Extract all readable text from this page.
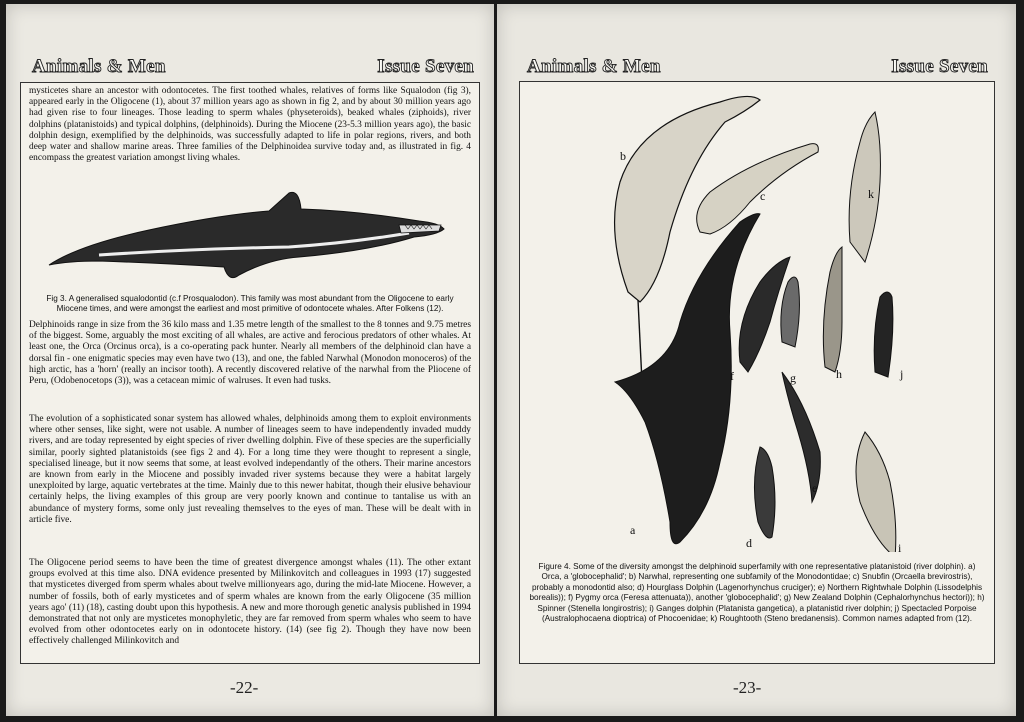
Animals & Men	Issue Seven

mysticetes share an ancestor with odontocetes. The first toothed whales, relatives of forms like Squalodon (fig 3), appeared early in the Oligocene (1), about 37 million years ago as shown in fig 2, and by about 30 million years ago had given rise to four lineages. Those leading to sperm whales (physeteroids), beaked whales (ziphoids), river dolphins (platanistoids) and typical dolphins, (delphinoids). During the Miocene (23-5.3 million years ago), the basic dolphin design, exemplified by the delphinoids, was successfully adapted to life in polar regions, rivers, and both deep water and shallow marine areas. Three families of the Delphinoidea survive today and, as illustrated in fig. 4 encompass the greatest variation amongst living whales.

Fig 3. A generalised squalodontid (c.f Prosqualodon). This family was most abundant from the Oligocene to early Miocene times, and were amongst the earliest and most primitive of odontocete whales. After Folkens (12).

Delphinoids range in size from the 36 kilo mass and 1.35 metre length of the smallest to the 8 tonnes and 9.75 metres of the biggest. Some, arguably the most exciting of all whales, are active and ferocious predators of other whales. At least one, the Orca (Orcinus orca), is a co-operating pack hunter. Nearly all members of the delphinoid clan have a dorsal fin - one enigmatic species may even have two (13), and one, the fabled Narwhal (Monodon monoceros) of the high arctic, has a 'horn' (really an incisor tooth). A recently discovered relative of the narwhal from the Pliocene of Peru, (Odobenocetops (3)), was a cetacean mimic of walruses. It even had tusks.

The evolution of a sophisticated sonar system has allowed whales, delphinoids among them to exploit environments where other senses, like sight, were not usable. A number of lineages seem to have independently invaded muddy rivers, and are today represented by eight species of river dwelling dolphin. Five of these species are the superficially similar, poorly sighted platanistoids (see figs 2 and 4). For a long time they were thought to represent a single, specialised lineage, but it now seems that some, at least evolved independantly of the others. Their marine ancestors are known from early in the Miocene and possibly invaded river systems because they were a habitat largely unexploited by large, aquatic vertebrates at the time. Mainly due to this newer habitat, though their elusive behaviour certainly helps, the living examples of this group are very poorly known and continue to tantalise us with an abundance of mystery forms, some only just revealing themselves to the eyes of man. These will be dealt with in article five.

The Oligocene period seems to have been the time of greatest divergence amongst whales (11). The other extant groups evolved at this time also. DNA evidence presented by Milinkovitch and colleagues in 1993 (17) suggested that mysticetes diverged from sperm whales about twelve millionyears ago, during the mid-late Miocene. However, a number of fossils, both of early mysticetes and of sperm whales are known from the early Oligocene (35 million years ago' (11) (18), casting doubt upon this hypothesis. A new and more thorough genetic analysis published in 1994 demonstrated that not only are mysticetes monophyletic, they are far removed from sperm whales who seem to have evolved from other odontocetes early on in odontocete history. (14) (see fig 2). Though they have now been effectively challenged Milinkovitch and

-22-
Animals & Men	Issue Seven
b
c	k
a
f	g	h	j
e
d	i

Figure 4. Some of the diversity amongst the delphinoid superfamily with one representative platanistoid (river dolphin). a) Orca, a 'globocephalid'; b) Narwhal, representing one subfamily of the Monodontidae; c) Snubfin (Orcaella brevirostris), probably a monodontid also; d) Hourglass Dolphin (Lagenorhynchus cruciger); e) Northern Rightwhale Dolphin (Lissodelphis borealis)); f) Pygmy orca (Feresa attenuata)), another 'globocephalid'; g) New Zealand Dolphin (Cephalorhynchus hectori)); h) Spinner (Stenella longirostris); i) Ganges dolphin (Platanista gangetica), a platanistid river dolphin; j) Spectacled Porpoise (Australophocaena dioptrica) of Phocoenidae; k) Roughtooth (Steno bredanensis). Common names adapted from (12).

-23-
